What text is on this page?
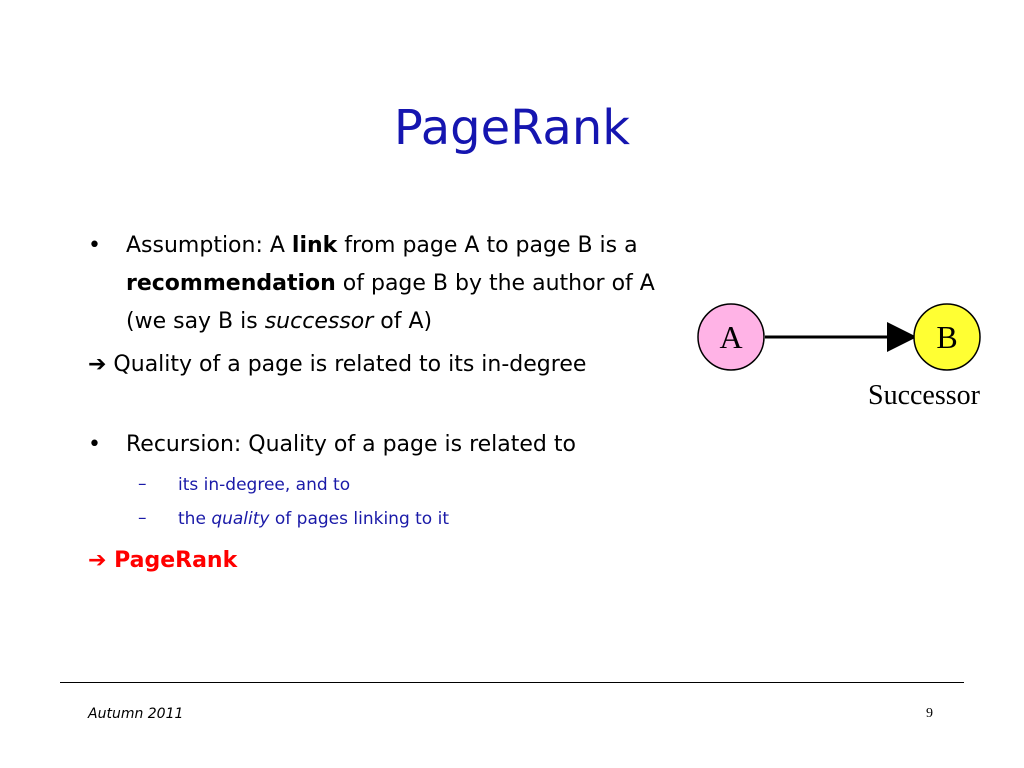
PageRank
•	Assumption: A link from page A to page B is a
recommendation of page B by the author of A
(we say B is successor of A)
➔ Quality of a page is related to its in-degree
•	Recursion: Quality of a page is related to
– its in-degree, and to
– the quality of pages linking to it
➔ PageRank
A	B
Successor
Autumn 2011	9
